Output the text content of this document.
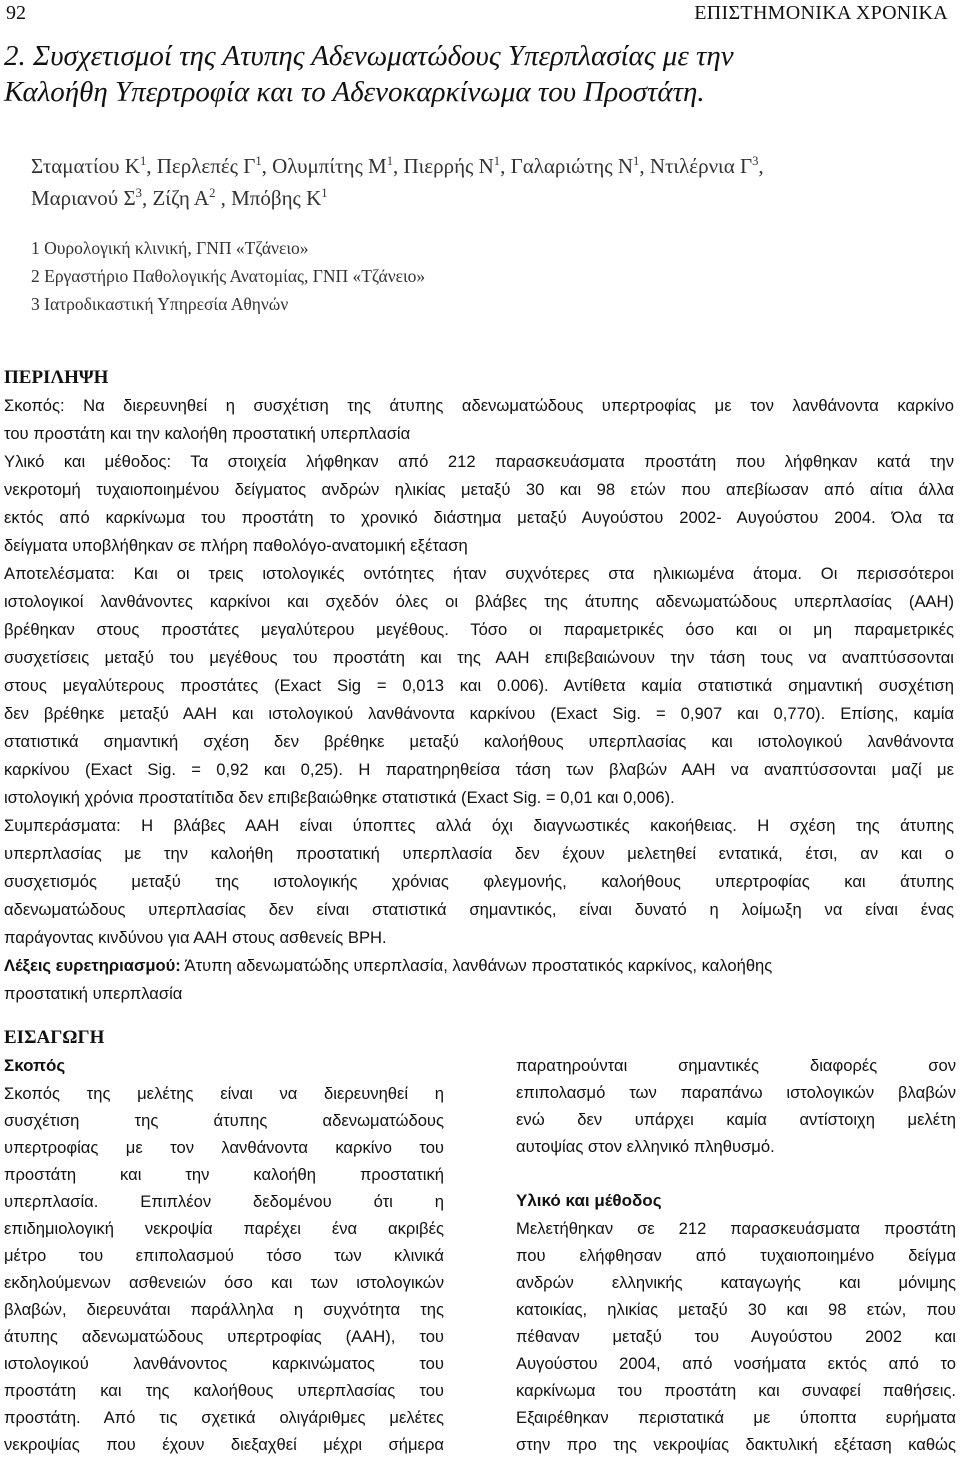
92	ΕΠΙΣΤΗΜΟΝΙΚΑ ΧΡΟΝΙΚΑ
2. Συσχετισμοί της Ατυπης Αδενωματώδους Υπερπλασίας με την
Καλοήθη Υπερτροφία και το Αδενοκαρκίνωμα του Προστάτη.
Σταματίου $K^1$, Περλεπές $\Gamma^1$, Ολυμπίτης $M^1$, Πιερρής $N^1$, Γαλαριώτης $N^1$, Ντιλέρνια $\Gamma^3$,
Μαριανού $\Sigma^3$, Ζίζη $A^2$ , Μπόβης $K^1$
1 Ουρολογική κλινική, ΓΝΠ «Τζάνειο»
2 Εργαστήριο Παθολογικής Ανατομίας, ΓΝΠ «Τζάνειο»
3 Ιατροδικαστική Υπηρεσία Αθηνών
ΠΕΡΙΛΗΨΗ
Σκοπός: Να διερευνηθεί η συσχέτιση της άτυπης αδενωματώδους υπερτροφίας με τον λανθάνοντα καρκίνο
του προστάτη και την καλοήθη προστατική υπερπλασία
Υλικό και μέθοδος: Τα στοιχεία λήφθηκαν από 212 παρασκευάσματα προστάτη που λήφθηκαν κατά την
νεκροτομή τυχαιοποιημένου δείγματος ανδρών ηλικίας μεταξύ 30 και 98 ετών που απεβίωσαν από αίτια άλλα
εκτός από καρκίνωμα του προστάτη το χρονικό διάστημα μεταξύ Αυγούστου 2002- Αυγούστου 2004. Όλα τα
δείγματα υποβλήθηκαν σε πλήρη παθολόγο-ανατομική εξέταση
Αποτελέσματα: Και οι τρεις ιστολογικές οντότητες ήταν συχνότερες στα ηλικιωμένα άτομα. Οι περισσότεροι
ιστολογικοί λανθάνοντες καρκίνοι και σχεδόν όλες οι βλάβες της άτυπης αδενωματώδους υπερπλασίας (ΑΑΗ)
βρέθηκαν στους προστάτες μεγαλύτερου μεγέθους. Τόσο οι παραμετρικές όσο και οι μη παραμετρικές
συσχετίσεις μεταξύ του μεγέθους του προστάτη και της ΑΑΗ επιβεβαιώνουν την τάση τους να αναπτύσσονται
στους μεγαλύτερους προστάτες (Exact Sig = 0,013 και 0.006). Αντίθετα καμία στατιστικά σημαντική συσχέτιση
δεν βρέθηκε μεταξύ ΑΑΗ και ιστολογικού λανθάνοντα καρκίνου (Exact Sig. = 0,907 και 0,770). Επίσης, καμία
στατιστικά σημαντική σχέση δεν βρέθηκε μεταξύ καλοήθους υπερπλασίας και ιστολογικού λανθάνοντα
καρκίνου (Exact Sig. = 0,92 και 0,25). Η παρατηρηθείσα τάση των βλαβών ΑΑΗ να αναπτύσσονται μαζί με
ιστολογική χρόνια προστατίτιδα δεν επιβεβαιώθηκε στατιστικά (Exact Sig. = 0,01 και 0,006).
Συμπεράσματα: Η βλάβες ΑΑΗ είναι ύποπτες αλλά όχι διαγνωστικές κακοήθειας. Η σχέση της άτυπης
υπερπλασίας με την καλοήθη προστατική υπερπλασία δεν έχουν μελετηθεί εντατικά, έτσι, αν και ο
συσχετισμός μεταξύ της ιστολογικής χρόνιας φλεγμονής, καλοήθους υπερτροφίας και άτυπης
αδενωματώδους υπερπλασίας δεν είναι στατιστικά σημαντικός, είναι δυνατό η λοίμωξη να είναι ένας
παράγοντας κινδύνου για ΑΑΗ στους ασθενείς ΒΡΗ.
Λέξεις ευρετηριασμού: Άτυπη αδενωματώδης υπερπλασία, λανθάνων προστατικός καρκίνος, καλοήθης
προστατική υπερπλασία
ΕΙΣΑΓΩΓΗ
Σκοπός
Σκοπός της μελέτης είναι να διερευνηθεί η
συσχέτιση της άτυπης αδενωματώδους
υπερτροφίας με τον λανθάνοντα καρκίνο του
προστάτη και την καλοήθη προστατική
υπερπλασία. Επιπλέον δεδομένου ότι η
επιδημιολογική νεκροψία παρέχει ένα ακριβές
μέτρο του επιπολασμού τόσο των κλινικά
εκδηλούμενων ασθενειών όσο και των ιστολογικών
βλαβών, διερευνάται παράλληλα η συχνότητα της
άτυπης αδενωματώδους υπερτροφίας (ΑΑΗ), του
ιστολογικού λανθάνοντος καρκινώματος του
προστάτη και της καλοήθους υπερπλασίας του
προστάτη. Από τις σχετικά ολιγάριθμες μελέτες
νεκροψίας που έχουν διεξαχθεί μέχρι σήμερα
παρατηρούνται σημαντικές διαφορές σον
επιπολασμό των παραπάνω ιστολογικών βλαβών
ενώ δεν υπάρχει καμία αντίστοιχη μελέτη
αυτοψίας στον ελληνικό πληθυσμό.
Υλικό και μέθοδος
Μελετήθηκαν σε 212 παρασκευάσματα προστάτη
που ελήφθησαν από τυχαιοποιημένο δείγμα
ανδρών ελληνικής καταγωγής και μόνιμης
κατοικίας, ηλικίας μεταξύ 30 και 98 ετών, που
πέθαναν μεταξύ του Αυγούστου 2002 και
Αυγούστου 2004, από νοσήματα εκτός από το
καρκίνωμα του προστάτη και συναφεί παθήσεις.
Εξαιρέθηκαν περιστατικά με ύποπτα ευρήματα
στην προ της νεκροψίας δακτυλική εξέταση καθώς
